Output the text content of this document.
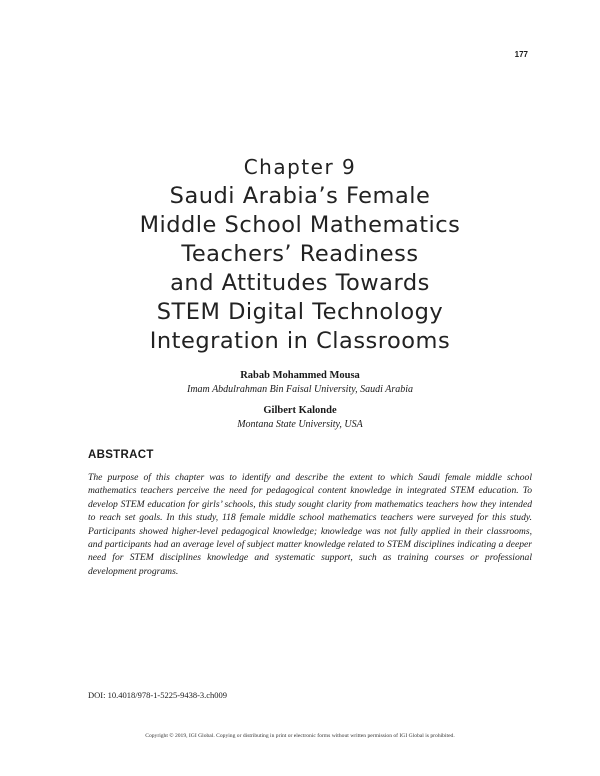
177
Chapter 9
Saudi Arabia’s Female
Middle School Mathematics
Teachers’ Readiness
and Attitudes Towards
STEM Digital Technology
Integration in Classrooms
Rabab Mohammed Mousa
Imam Abdulrahman Bin Faisal University, Saudi Arabia
Gilbert Kalonde
Montana State University, USA
ABSTRACT

The purpose of this chapter was to identify and describe the extent to which Saudi female middle school mathematics teachers perceive the need for pedagogical content knowledge in integrated STEM education. To develop STEM education for girls’ schools, this study sought clarity from mathematics teachers how they intended to reach set goals. In this study, 118 female middle school mathematics teachers were surveyed for this study. Participants showed higher-level pedagogical knowledge; knowledge was not fully applied in their classrooms, and participants had an average level of subject matter knowledge related to STEM disciplines indicating a deeper need for STEM disciplines knowledge and systematic support, such as training courses or professional development programs.

DOI: 10.4018/978-1-5225-9438-3.ch009
Copyright © 2019, IGI Global. Copying or distributing in print or electronic forms without written permission of IGI Global is prohibited.
